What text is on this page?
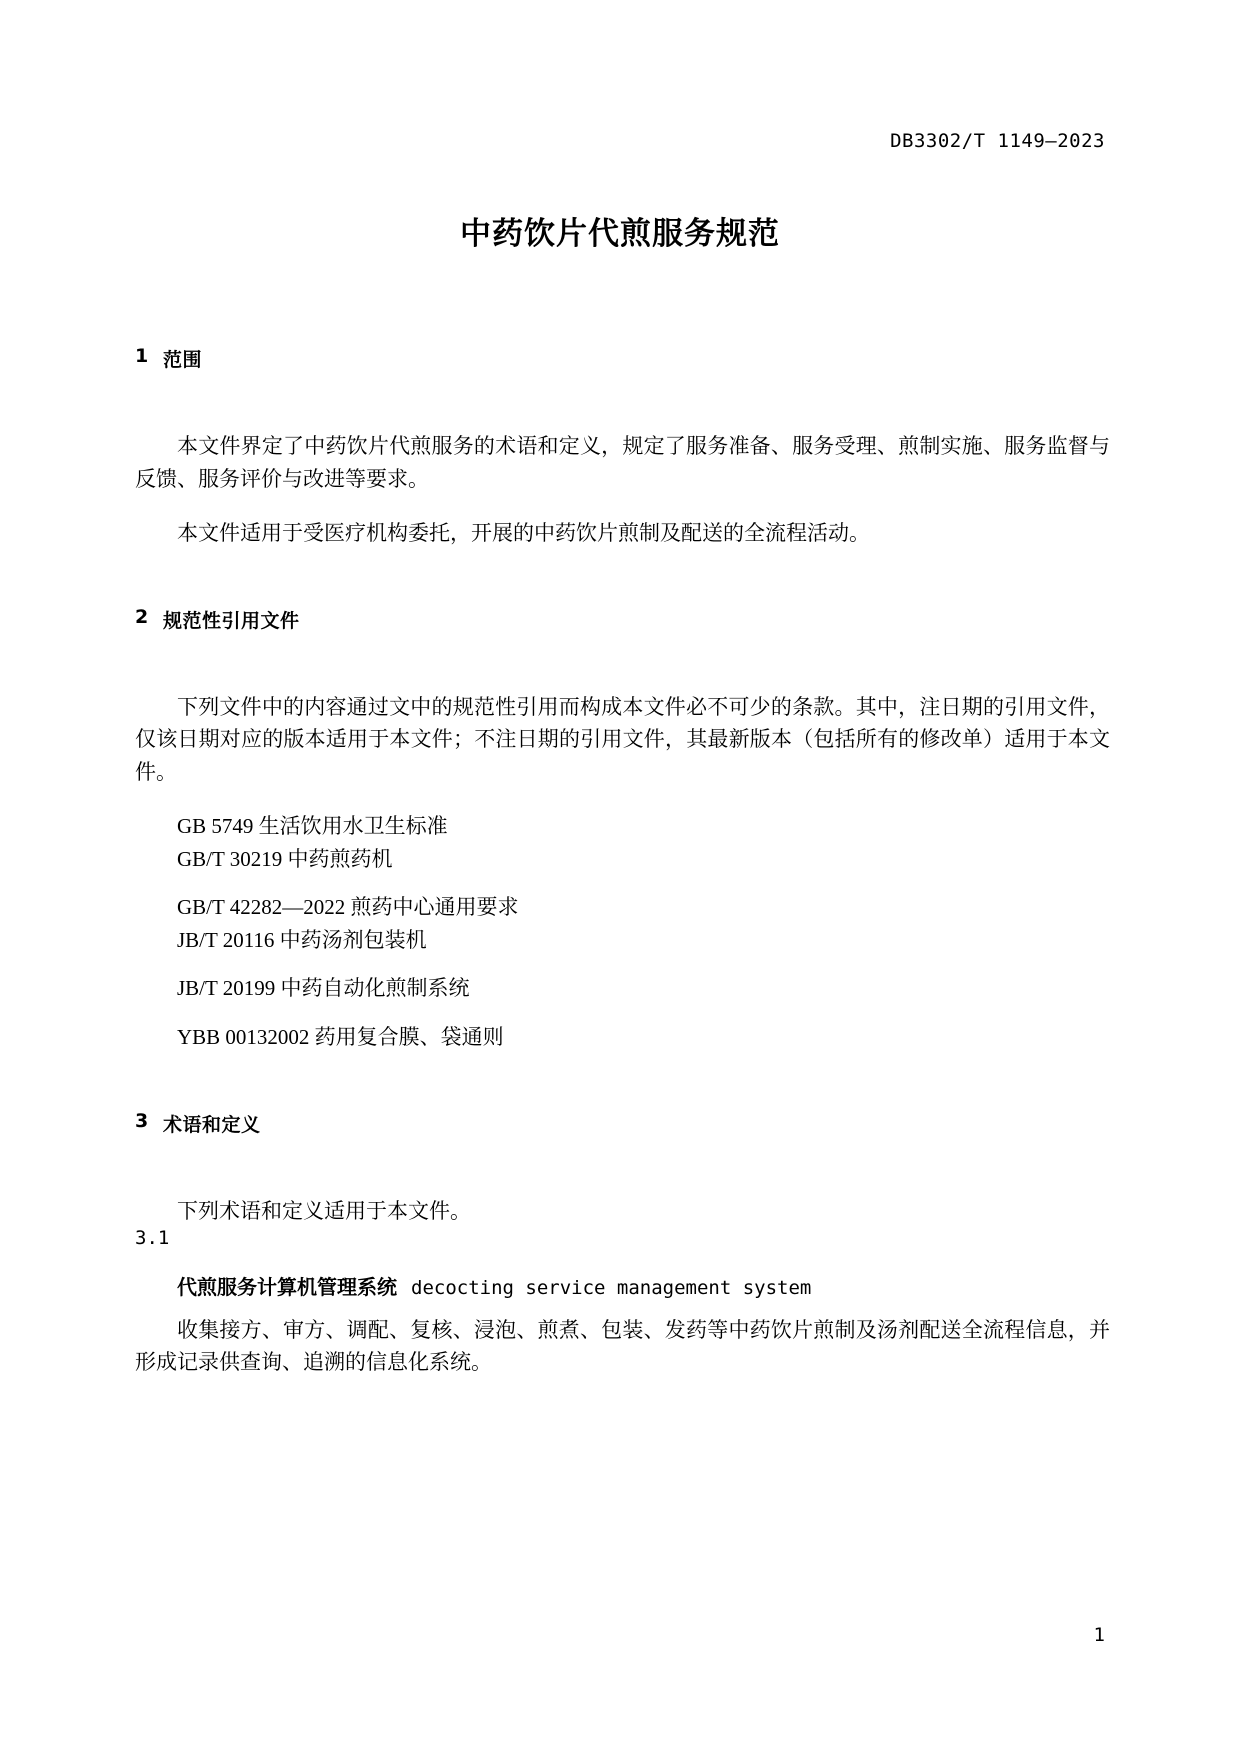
DB3302/T 1149—2023
中药饮片代煎服务规范
1 范围

本文件界定了中药饮片代煎服务的术语和定义，规定了服务准备、服务受理、煎制实施、服务监督与反馈、服务评价与改进等要求。

本文件适用于受医疗机构委托，开展的中药饮片煎制及配送的全流程活动。

2 规范性引用文件

下列文件中的内容通过文中的规范性引用而构成本文件必不可少的条款。其中，注日期的引用文件，仅该日期对应的版本适用于本文件；不注日期的引用文件，其最新版本（包括所有的修改单）适用于本文件。

GB 5749 生活饮用水卫生标准

GB/T 30219 中药煎药机

GB/T 42282—2022 煎药中心通用要求

JB/T 20116 中药汤剂包装机

JB/T 20199 中药自动化煎制系统

YBB 00132002 药用复合膜、袋通则

3 术语和定义

下列术语和定义适用于本文件。

3.1

代煎服务计算机管理系统 decocting service management system

收集接方、审方、调配、复核、浸泡、煎煮、包装、发药等中药饮片煎制及汤剂配送全流程信息，并形成记录供查询、追溯的信息化系统。

1
